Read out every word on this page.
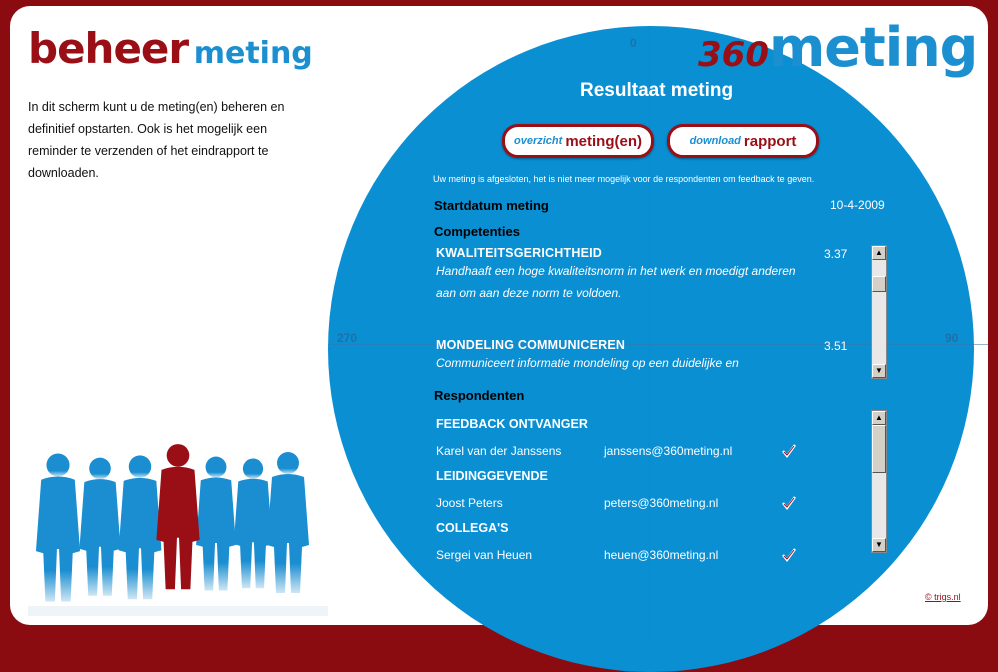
beheer meting
In dit scherm kunt u de meting(en) beheren en definitief opstarten. Ook is het mogelijk een reminder te verzenden of het eindrapport te downloaden.
0
90
270
360meting
Resultaat meting
overzicht meting(en)	download rapport
Uw meting is afgesloten, het is niet meer mogelijk voor de respondenten om feedback te geven.
Startdatum meting	10-4-2009
Competenties
KWALITEITSGERICHTHEID
Handhaaft een hoge kwaliteitsnorm in het werk en moedigt anderen aan om aan deze norm te voldoen.
3.37
MONDELING COMMUNICEREN
Communiceert informatie mondeling op een duidelijke en
3.51
▲
▼
Respondenten
FEEDBACK ONTVANGER
Karel van der Janssens	janssens@360meting.nl
LEIDINGGEVENDE
Joost Peters	peters@360meting.nl
COLLEGA'S
Sergei van Heuen	heuen@360meting.nl
▲
▼
© trigs.nl
